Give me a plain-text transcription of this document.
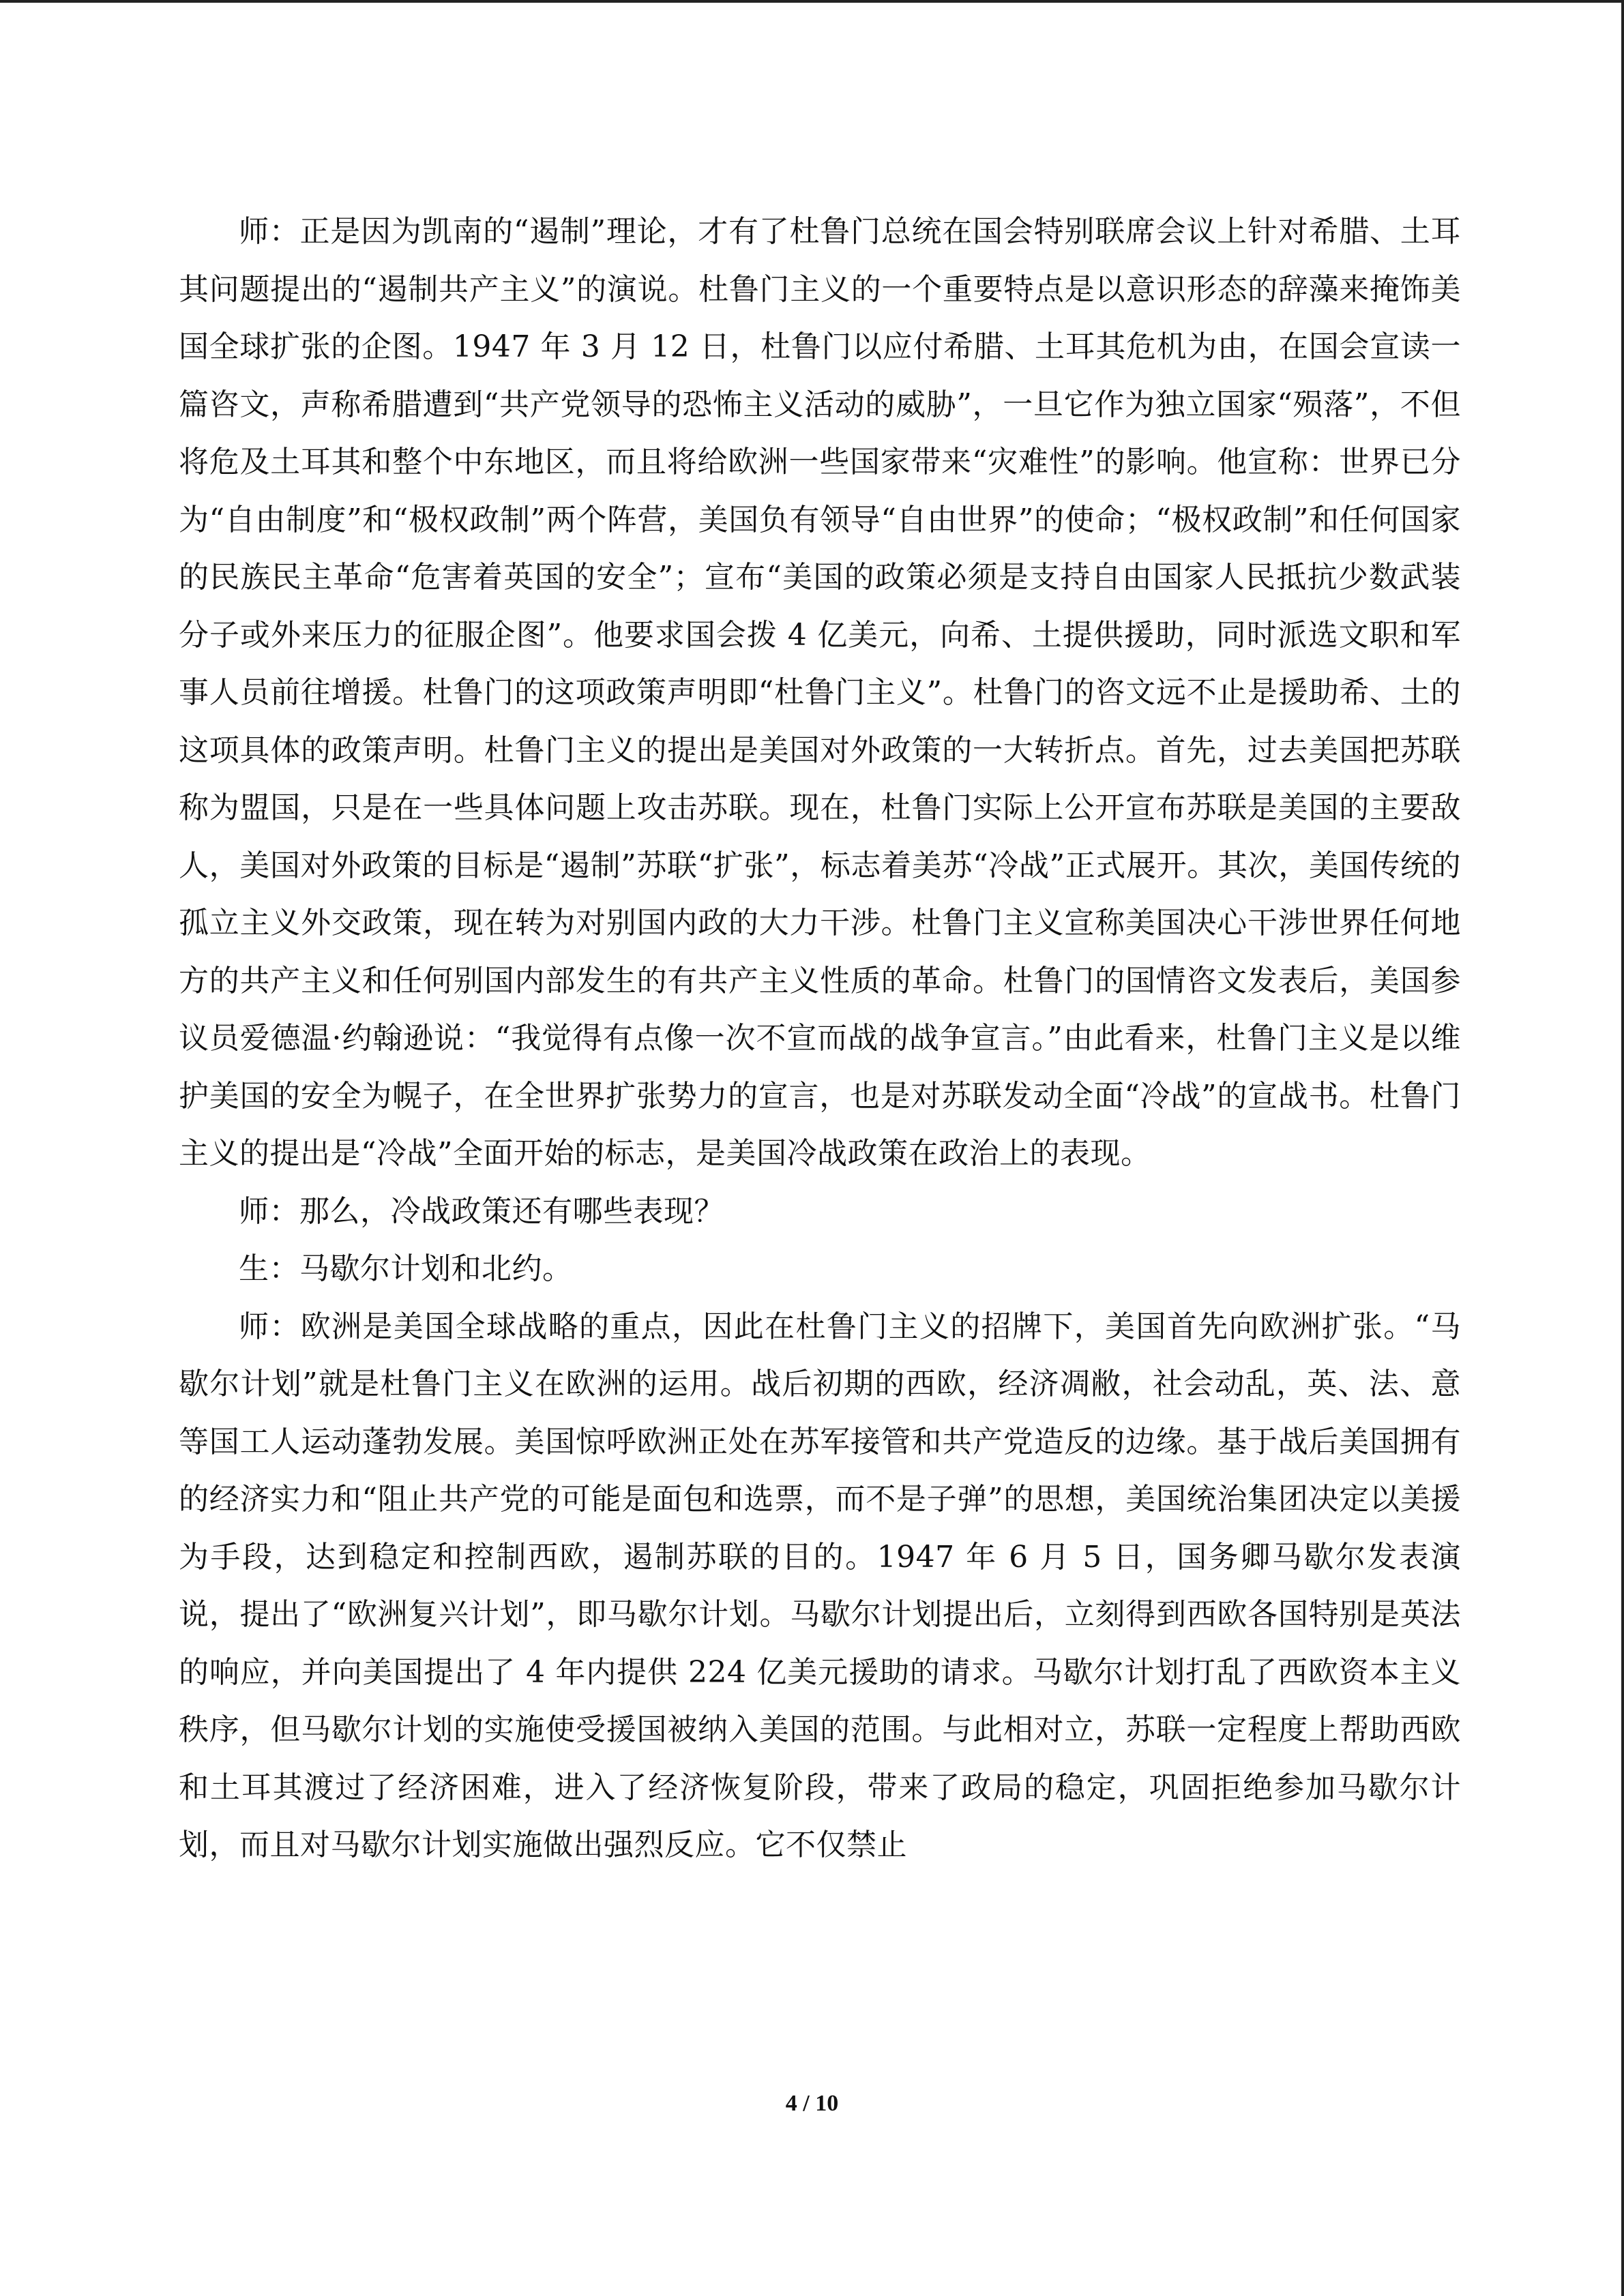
师：正是因为凯南的“遏制”理论，才有了杜鲁门总统在国会特别联席会议上针对希腊、土耳其问题提出的“遏制共产主义”的演说。杜鲁门主义的一个重要特点是以意识形态的辞藻来掩饰美国全球扩张的企图。1947 年 3 月 12 日，杜鲁门以应付希腊、土耳其危机为由，在国会宣读一篇咨文，声称希腊遭到“共产党领导的恐怖主义活动的威胁”，一旦它作为独立国家“殒落”，不但将危及土耳其和整个中东地区，而且将给欧洲一些国家带来“灾难性”的影响。他宣称：世界已分为“自由制度”和“极权政制”两个阵营，美国负有领导“自由世界”的使命；“极权政制”和任何国家的民族民主革命“危害着英国的安全”；宣布“美国的政策必须是支持自由国家人民抵抗少数武装分子或外来压力的征服企图”。他要求国会拨 4 亿美元，向希、土提供援助，同时派选文职和军事人员前往增援。杜鲁门的这项政策声明即“杜鲁门主义”。杜鲁门的咨文远不止是援助希、土的这项具体的政策声明。杜鲁门主义的提出是美国对外政策的一大转折点。首先，过去美国把苏联称为盟国，只是在一些具体问题上攻击苏联。现在，杜鲁门实际上公开宣布苏联是美国的主要敌人，美国对外政策的目标是“遏制”苏联“扩张”，标志着美苏“冷战”正式展开。其次，美国传统的孤立主义外交政策，现在转为对别国内政的大力干涉。杜鲁门主义宣称美国决心干涉世界任何地方的共产主义和任何别国内部发生的有共产主义性质的革命。杜鲁门的国情咨文发表后，美国参议员爱德温·约翰逊说：“我觉得有点像一次不宣而战的战争宣言。”由此看来，杜鲁门主义是以维护美国的安全为幌子，在全世界扩张势力的宣言，也是对苏联发动全面“冷战”的宣战书。杜鲁门主义的提出是“冷战”全面开始的标志，是美国冷战政策在政治上的表现。

师：那么，冷战政策还有哪些表现？

生：马歇尔计划和北约。

师：欧洲是美国全球战略的重点，因此在杜鲁门主义的招牌下，美国首先向欧洲扩张。“马歇尔计划”就是杜鲁门主义在欧洲的运用。战后初期的西欧，经济凋敝，社会动乱，英、法、意等国工人运动蓬勃发展。美国惊呼欧洲正处在苏军接管和共产党造反的边缘。基于战后美国拥有的经济实力和“阻止共产党的可能是面包和选票，而不是子弹”的思想，美国统治集团决定以美援为手段，达到稳定和控制西欧，遏制苏联的目的。1947 年 6 月 5 日，国务卿马歇尔发表演说，提出了“欧洲复兴计划”，即马歇尔计划。马歇尔计划提出后，立刻得到西欧各国特别是英法的响应，并向美国提出了 4 年内提供 224 亿美元援助的请求。马歇尔计划打乱了西欧资本主义秩序，但马歇尔计划的实施使受援国被纳入美国的范围。与此相对立，苏联一定程度上帮助西欧和土耳其渡过了经济困难，进入了经济恢复阶段，带来了政局的稳定，巩固拒绝参加马歇尔计划，而且对马歇尔计划实施做出强烈反应。它不仅禁止

4 / 10
